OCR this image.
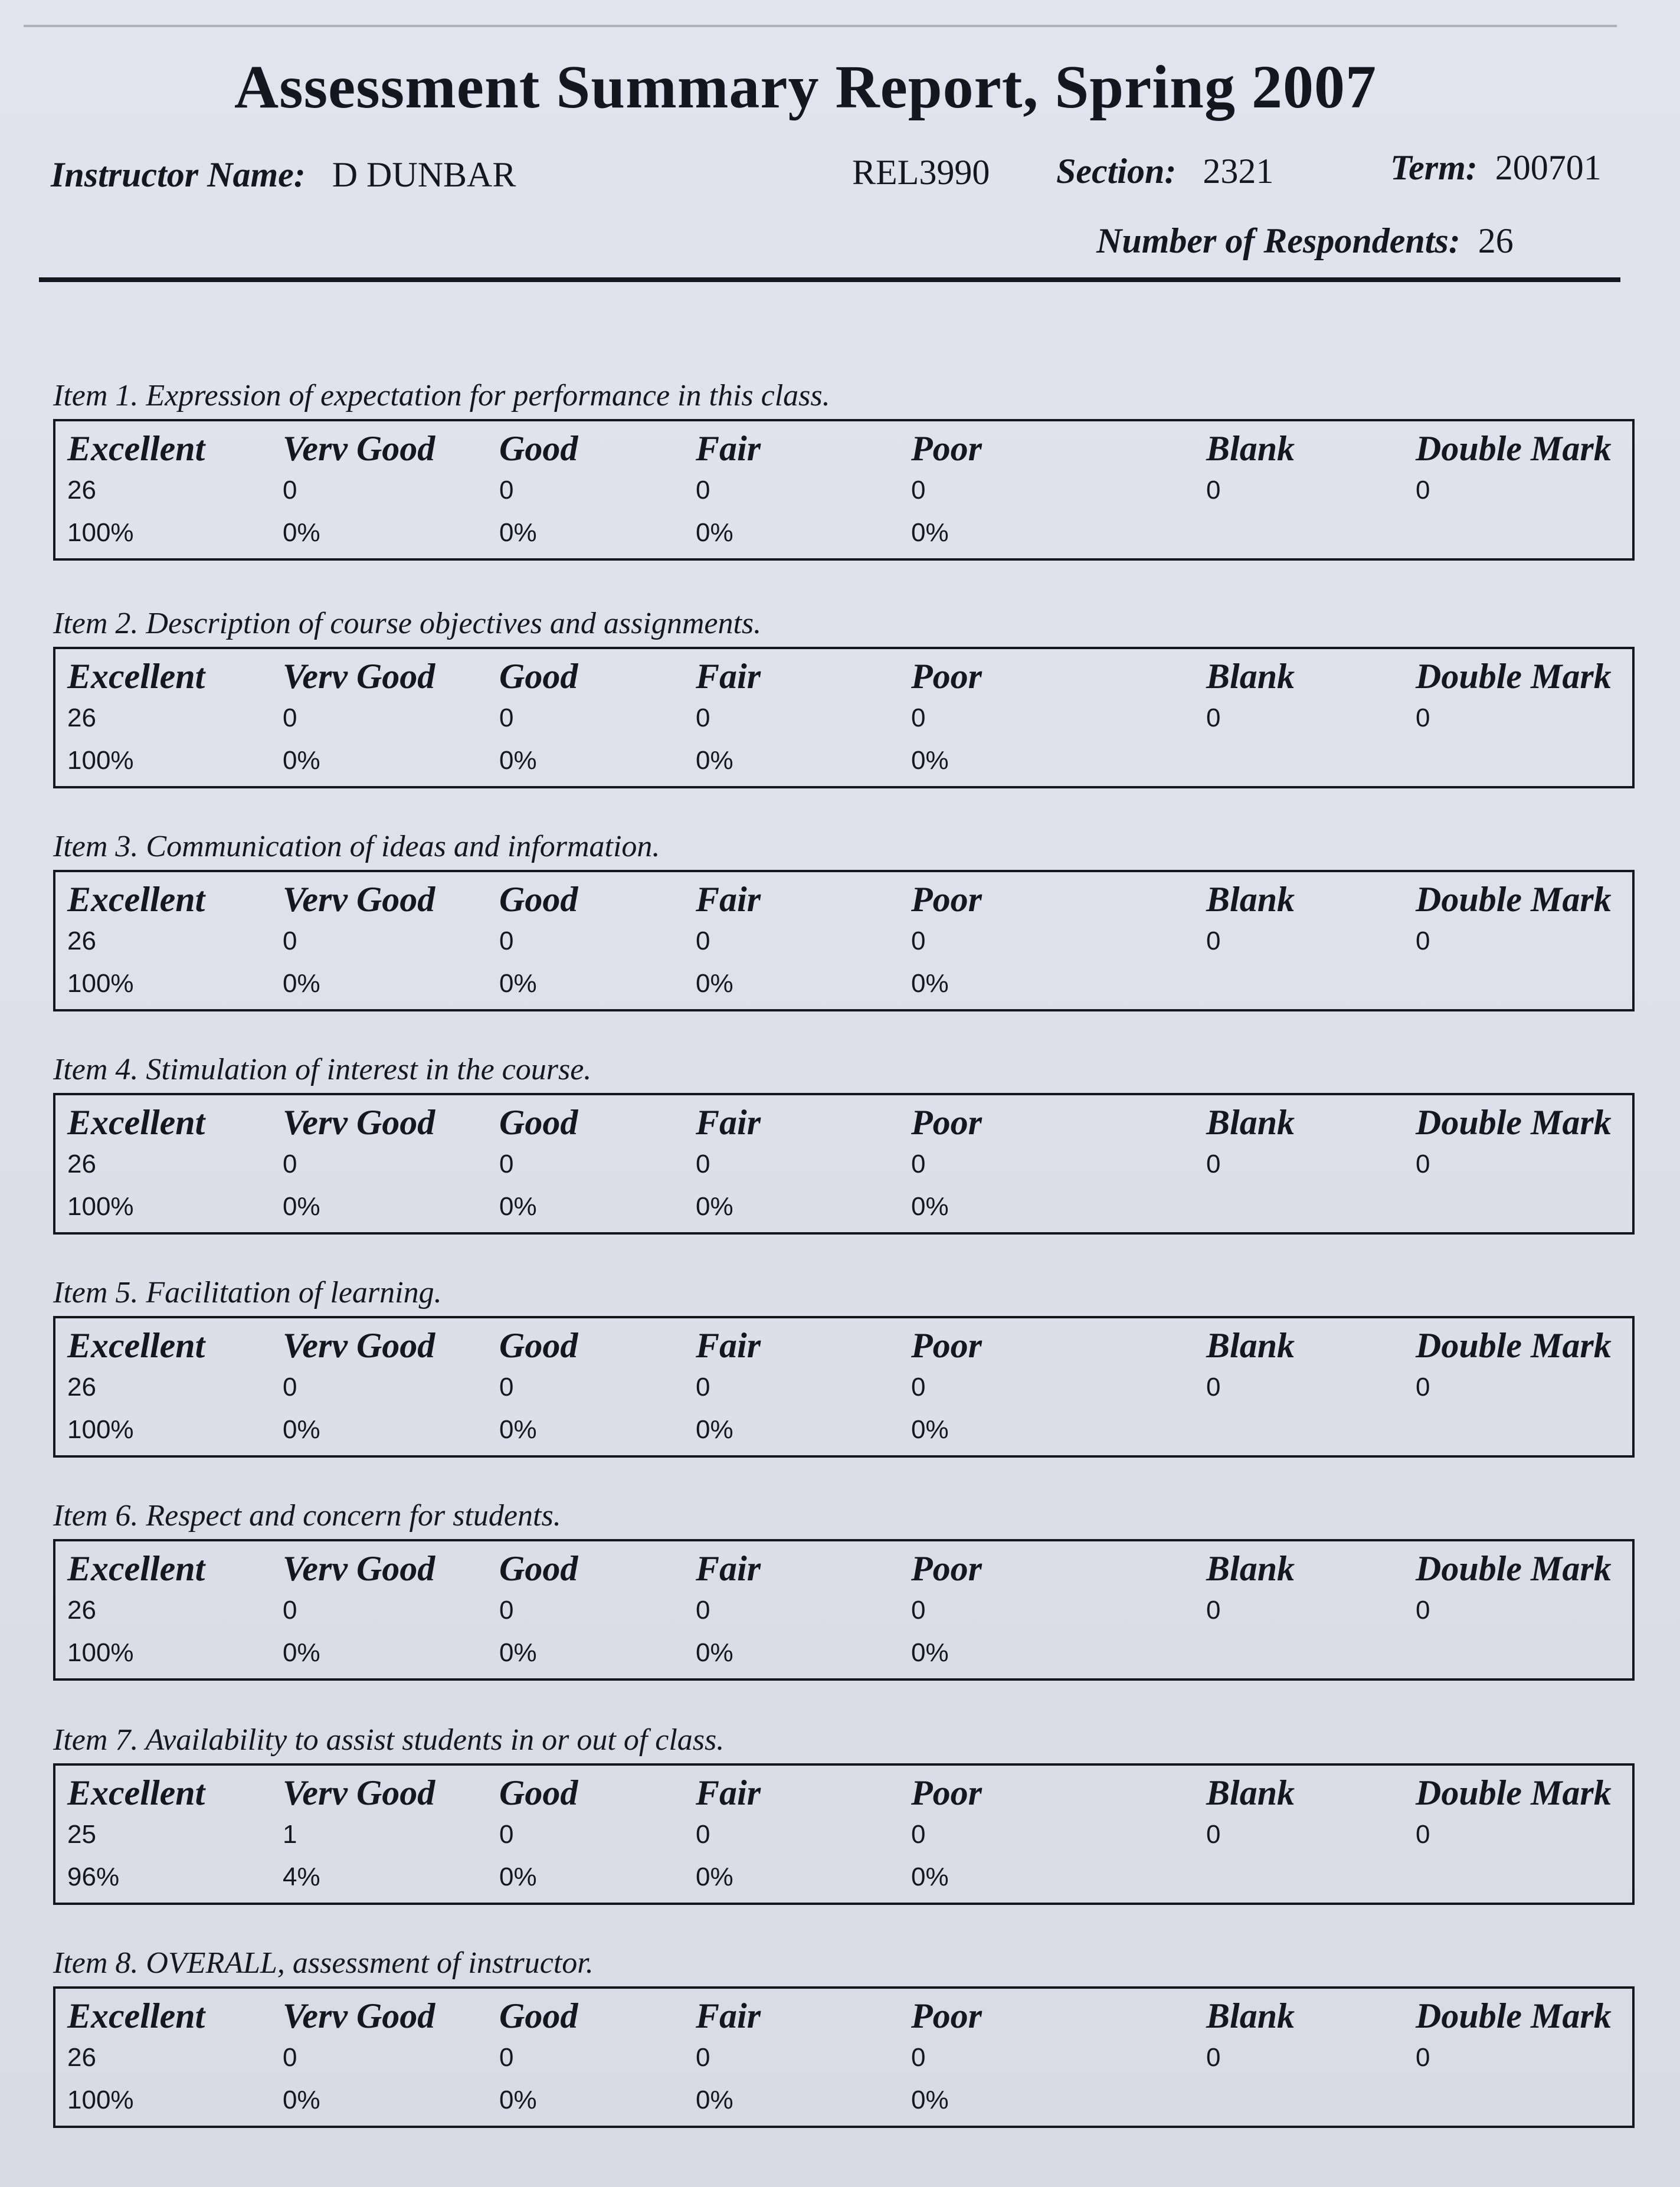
Assessment Summary Report, Spring 2007
Instructor Name: D DUNBAR	REL3990 Section: 2321	Term: 200701
Number of Respondents: 26
Item 1. Expression of expectation for performance in this class.
Excellent
26
100%
Verv Good
0
0%
Good
0
0%
Fair
0
0%
Poor
0
0%
Blank
0
Double Mark
0
Item 2. Description of course objectives and assignments.
Excellent
26
100%
Verv Good
0
0%
Good
0
0%
Fair
0
0%
Poor
0
0%
Blank
0
Double Mark
0
Item 3. Communication of ideas and information.
Excellent
26
100%
Verv Good
0
0%
Good
0
0%
Fair
0
0%
Poor
0
0%
Blank
0
Double Mark
0
Item 4. Stimulation of interest in the course.
Excellent
26
100%
Verv Good
0
0%
Good
0
0%
Fair
0
0%
Poor
0
0%
Blank
0
Double Mark
0
Item 5. Facilitation of learning.
Excellent
26
100%
Verv Good
0
0%
Good
0
0%
Fair
0
0%
Poor
0
0%
Blank
0
Double Mark
0
Item 6. Respect and concern for students.
Excellent
26
100%
Verv Good
0
0%
Good
0
0%
Fair
0
0%
Poor
0
0%
Blank
0
Double Mark
0
Item 7. Availability to assist students in or out of class.
Excellent
25
96%
Verv Good
1
4%
Good
0
0%
Fair
0
0%
Poor
0
0%
Blank
0
Double Mark
0
Item 8. OVERALL, assessment of instructor.
Excellent
26
100%
Verv Good
0
0%
Good
0
0%
Fair
0
0%
Poor
0
0%
Blank
0
Double Mark
0
